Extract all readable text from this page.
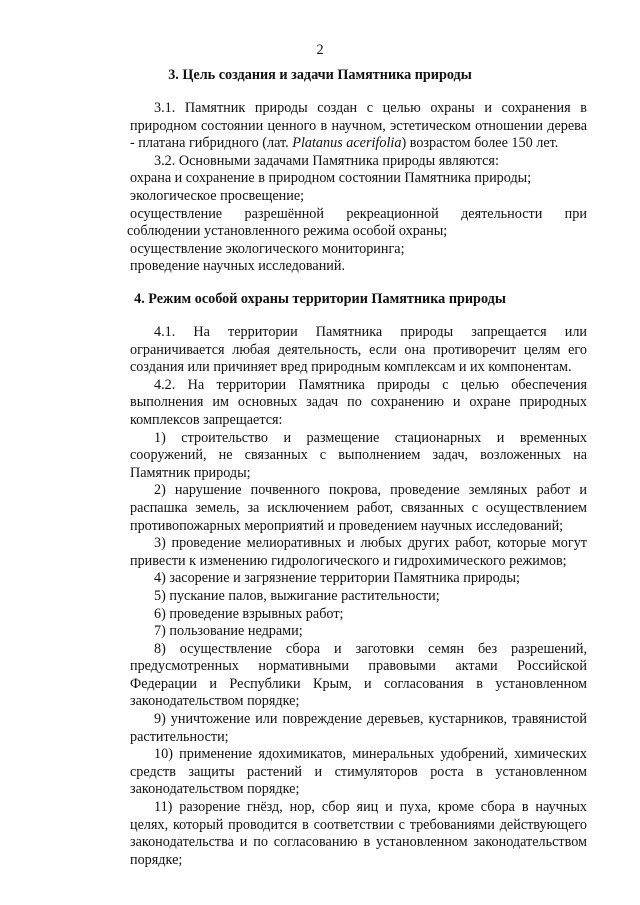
2
3. Цель создания и задачи Памятника природы

3.1. Памятник природы создан с целью охраны и сохранения в природном состоянии ценного в научном, эстетическом отношении дерева - платана гибридного (лат. Platanus acerifolia) возрастом более 150 лет.

3.2. Основными задачами Памятника природы являются:

охрана и сохранение в природном состоянии Памятника природы;

экологическое просвещение;

осуществление разрешённой рекреационной деятельности при

соблюдении установленного режима особой охраны;

осуществление экологического мониторинга;

проведение научных исследований.

4. Режим особой охраны территории Памятника природы

4.1. На территории Памятника природы запрещается или ограничивается любая деятельность, если она противоречит целям его создания или причиняет вред природным комплексам и их компонентам.

4.2. На территории Памятника природы с целью обеспечения выполнения им основных задач по сохранению и охране природных комплексов запрещается:

1) строительство и размещение стационарных и временных сооружений, не связанных с выполнением задач, возложенных на Памятник природы;

2) нарушение почвенного покрова, проведение земляных работ и распашка земель, за исключением работ, связанных с осуществлением противопожарных мероприятий и проведением научных исследований;

3) проведение мелиоративных и любых других работ, которые могут привести к изменению гидрологического и гидрохимического режимов;

4) засорение и загрязнение территории Памятника природы;

5) пускание палов, выжигание растительности;

6) проведение взрывных работ;

7) пользование недрами;

8) осуществление сбора и заготовки семян без разрешений, предусмотренных нормативными правовыми актами Российской Федерации и Республики Крым, и согласования в установленном законодательством порядке;

9) уничтожение или повреждение деревьев, кустарников, травянистой растительности;

10) применение ядохимикатов, минеральных удобрений, химических средств защиты растений и стимуляторов роста в установленном законодательством порядке;

11) разорение гнёзд, нор, сбор яиц и пуха, кроме сбора в научных целях, который проводится в соответствии с требованиями действующего законодательства и по согласованию в установленном законодательством порядке;
